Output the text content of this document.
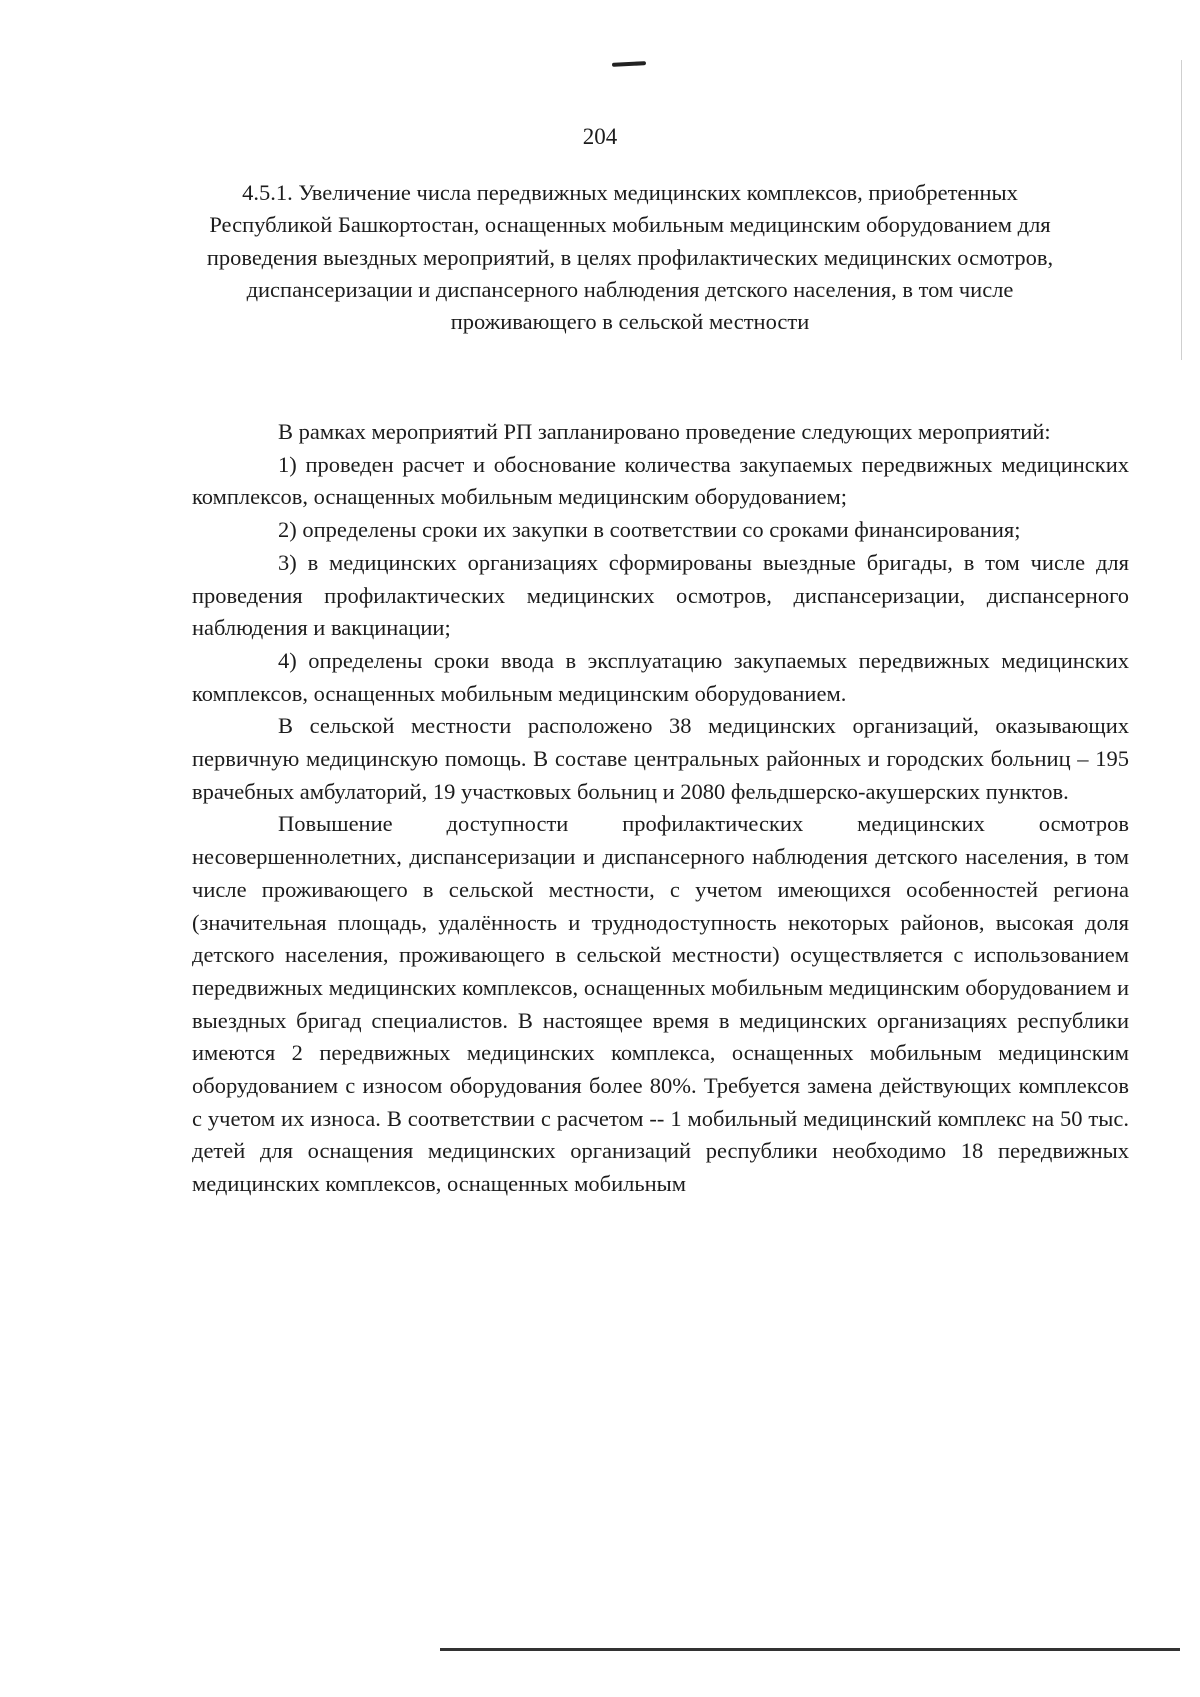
204
4.5.1. Увеличение числа передвижных медицинских комплексов, приобретенных Республикой Башкортостан, оснащенных мобильным медицинским оборудованием для проведения выездных мероприятий, в целях профилактических медицинских осмотров, диспансеризации и диспансерного наблюдения детского населения, в том числе проживающего в сельской местности

В рамках мероприятий РП запланировано проведение следующих мероприятий:

1) проведен расчет и обоснование количества закупаемых передвижных медицинских комплексов, оснащенных мобильным медицинским оборудованием;

2) определены сроки их закупки в соответствии со сроками финансирования;

3) в медицинских организациях сформированы выездные бригады, в том числе для проведения профилактических медицинских осмотров, диспансеризации, диспансерного наблюдения и вакцинации;

4) определены сроки ввода в эксплуатацию закупаемых передвижных медицинских комплексов, оснащенных мобильным медицинским оборудованием.

В сельской местности расположено 38 медицинских организаций, оказывающих первичную медицинскую помощь. В составе центральных районных и городских больниц – 195 врачебных амбулаторий, 19 участковых больниц и 2080 фельдшерско-акушерских пунктов.

Повышение доступности профилактических медицинских осмотров несовершеннолетних, диспансеризации и диспансерного наблюдения детского населения, в том числе проживающего в сельской местности, с учетом имеющихся особенностей региона (значительная площадь, удалённость и труднодоступность некоторых районов, высокая доля детского населения, проживающего в сельской местности) осуществляется с использованием передвижных медицинских комплексов, оснащенных мобильным медицинским оборудованием и выездных бригад специалистов. В настоящее время в медицинских организациях республики имеются 2 передвижных медицинских комплекса, оснащенных мобильным медицинским оборудованием с износом оборудования более 80%. Требуется замена действующих комплексов с учетом их износа. В соответствии с расчетом -- 1 мобильный медицинский комплекс на 50 тыс. детей для оснащения медицинских организаций республики необходимо 18 передвижных медицинских комплексов, оснащенных мобильным
